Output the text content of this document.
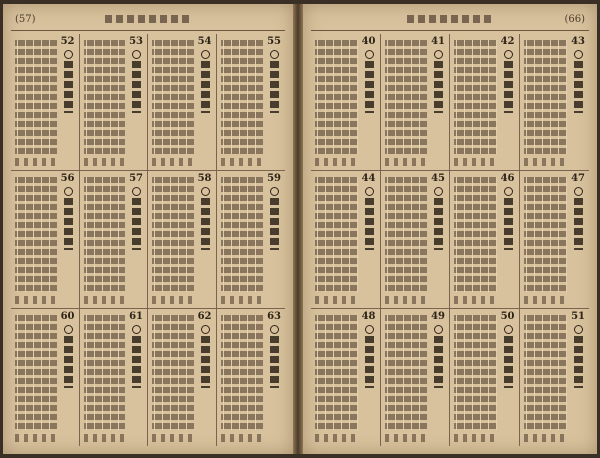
(57)
52	53	54	55
56	57	58	59
60	61	62	63
(66)
40	41	42	43
44	45	46	47
48	49	50	51
